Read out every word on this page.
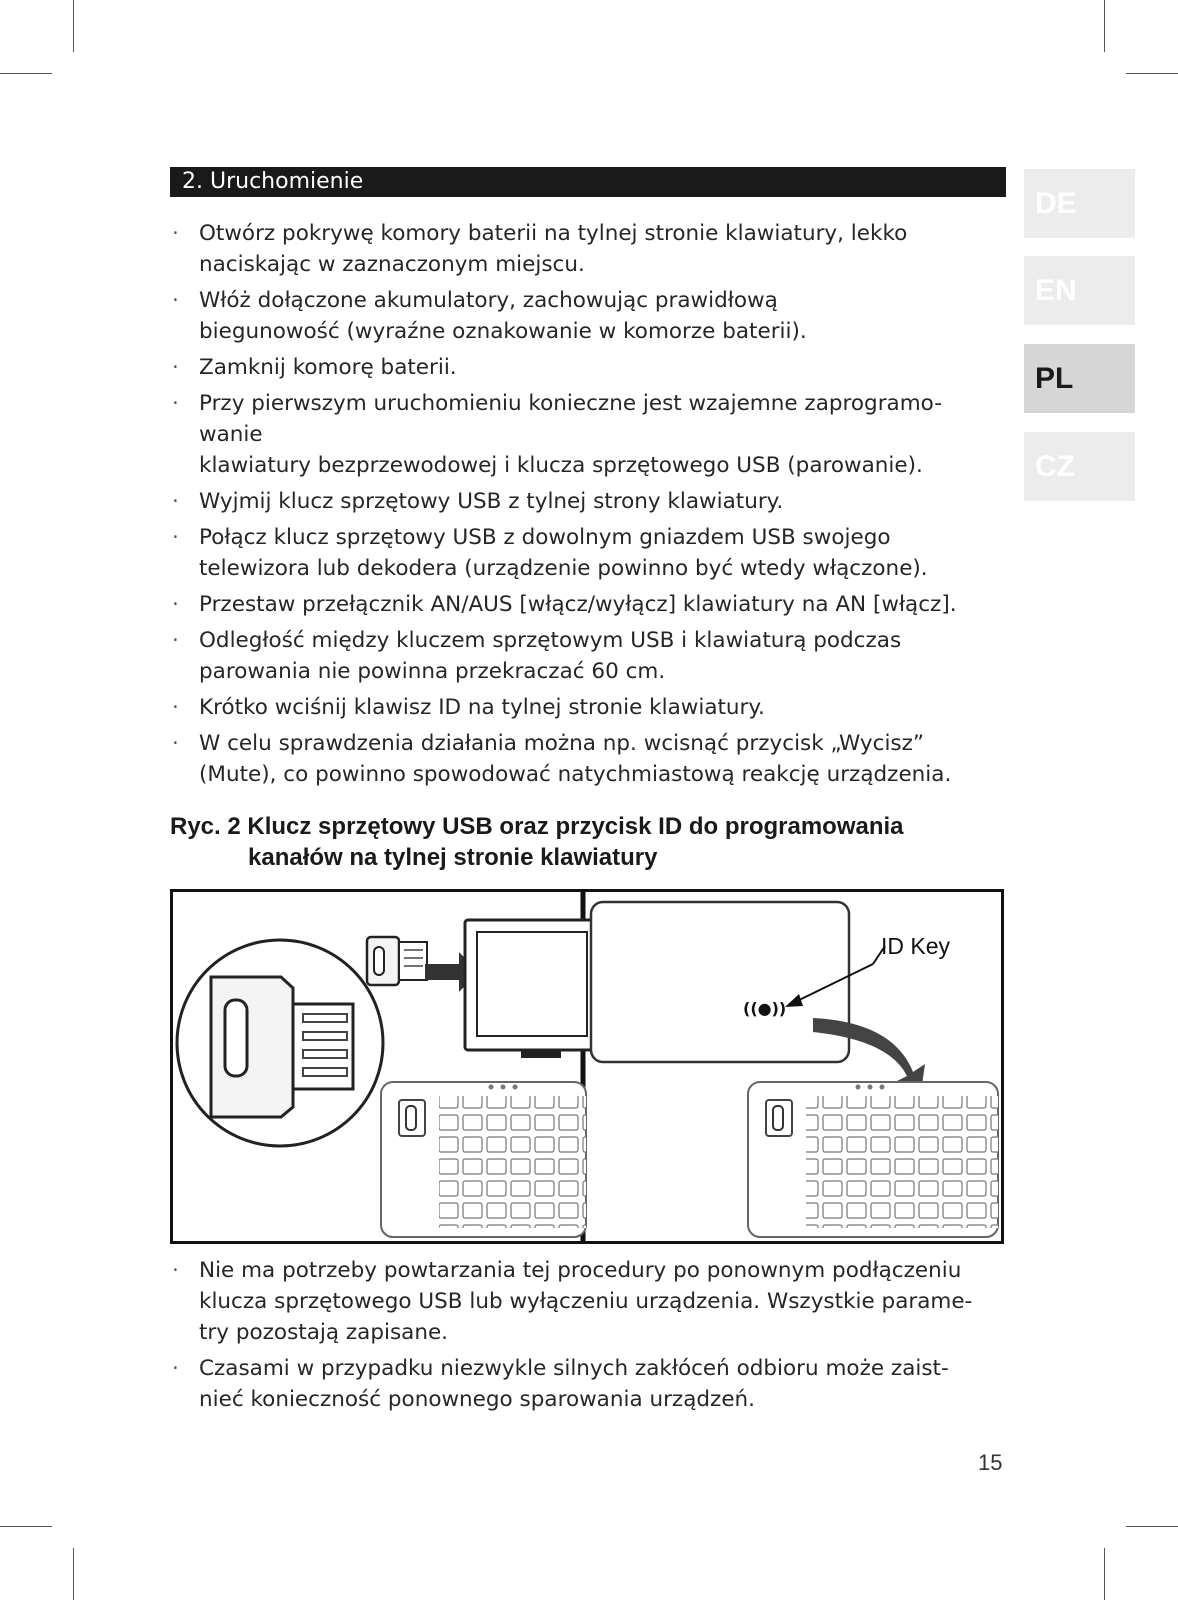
2. Uruchomienie
DE
EN
PL
CZ
· Otwórz pokrywę komory baterii na tylnej stronie klawiatury, lekko
naciskając w zaznaczonym miejscu.
· Włóż dołączone akumulatory, zachowując prawidłową
biegunowość (wyraźne oznakowanie w komorze baterii).
· Zamknij komorę baterii.
· Przy pierwszym uruchomieniu konieczne jest wzajemne zaprogramo-
wanie
klawiatury bezprzewodowej i klucza sprzętowego USB (parowanie).
· Wyjmij klucz sprzętowy USB z tylnej strony klawiatury.
· Połącz klucz sprzętowy USB z dowolnym gniazdem USB swojego
telewizora lub dekodera (urządzenie powinno być wtedy włączone).
· Przestaw przełącznik AN/AUS [włącz/wyłącz] klawiatury na AN [włącz].
· Odległość między kluczem sprzętowym USB i klawiaturą podczas
parowania nie powinna przekraczać 60 cm.
· Krótko wciśnij klawisz ID na tylnej stronie klawiatury.
· W celu sprawdzenia działania można np. wcisnąć przycisk „Wycisz”
(Mute), co powinno spowodować natychmiastową reakcję urządzenia.
Ryc. 2 Klucz sprzętowy USB oraz przycisk ID do programowania
kanałów na tylnej stronie klawiatury
((●))
ID Key
· Nie ma potrzeby powtarzania tej procedury po ponownym podłączeniu
klucza sprzętowego USB lub wyłączeniu urządzenia. Wszystkie parame-
try pozostają zapisane.
· Czasami w przypadku niezwykle silnych zakłóceń odbioru może zaist-
nieć konieczność ponownego sparowania urządzeń.
15
